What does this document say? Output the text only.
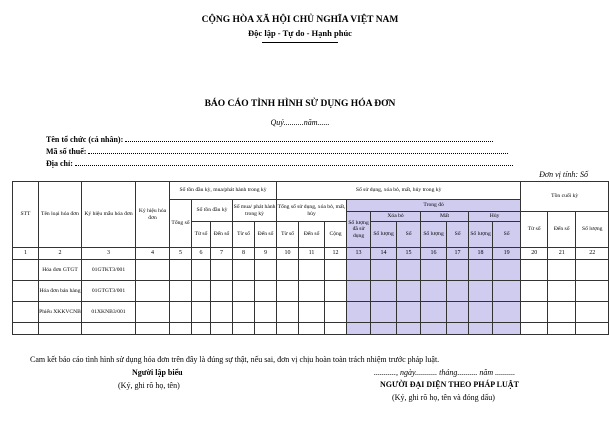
CỘNG HÒA XÃ HỘI CHỦ NGHĨA VIỆT NAM
Độc lập - Tự do - Hạnh phúc
BÁO CÁO TÌNH HÌNH SỬ DỤNG HÓA ĐƠN
Quý..........năm......
Tên tổ chức (cá nhân):
Mã số thuế:
Địa chỉ:
Đơn vị tính: Số
STT	Tên loại hóa đơn	Ký hiệu mẫu hóa đơn	Ký hiệu hóa đơn	Số tồn đầu kỳ, mua/phát hành trong kỳ					Số sử dụng, xóa bỏ, mất, hủy trong kỳ										Tồn cuối kỳ		
				Tổng số	Số tồn đầu kỳ		Số mua/ phát hành trong kỳ		Tổng số sử dụng, xóa bỏ, mất, hủy			Trong đó									
												Số lượng đã sử dụng	Xóa bỏ		Mất		Hủy		Từ số	Đến số	Số lượng
					Từ số	Đến số	Từ số	Đến số	Từ số	Đến số	Cộng		Số lượng	Số	Số lượng	Số	Số lượng	Số			
1	2	3	4	5	6	7	8	9	10	11	12	13	14	15	16	17	18	19	20	21	22
	Hóa đơn GTGT	01GTKT3/001																			
	Hóa đơn bán hàng	01GTGT3/001																			
	Phiếu XKKVCNB	01XKNB3/001																			

Cam kết báo cáo tình hình sử dụng hóa đơn trên đây là đúng sự thật, nếu sai, đơn vị chịu hoàn toàn trách nhiệm trước pháp luật.
Người lập biểu
(Ký, ghi rõ họ, tên)
..........., ngày........... tháng.......... năm ..........
NGƯỜI ĐẠI DIỆN THEO PHÁP LUẬT
(Ký, ghi rõ họ, tên và đóng dấu)
